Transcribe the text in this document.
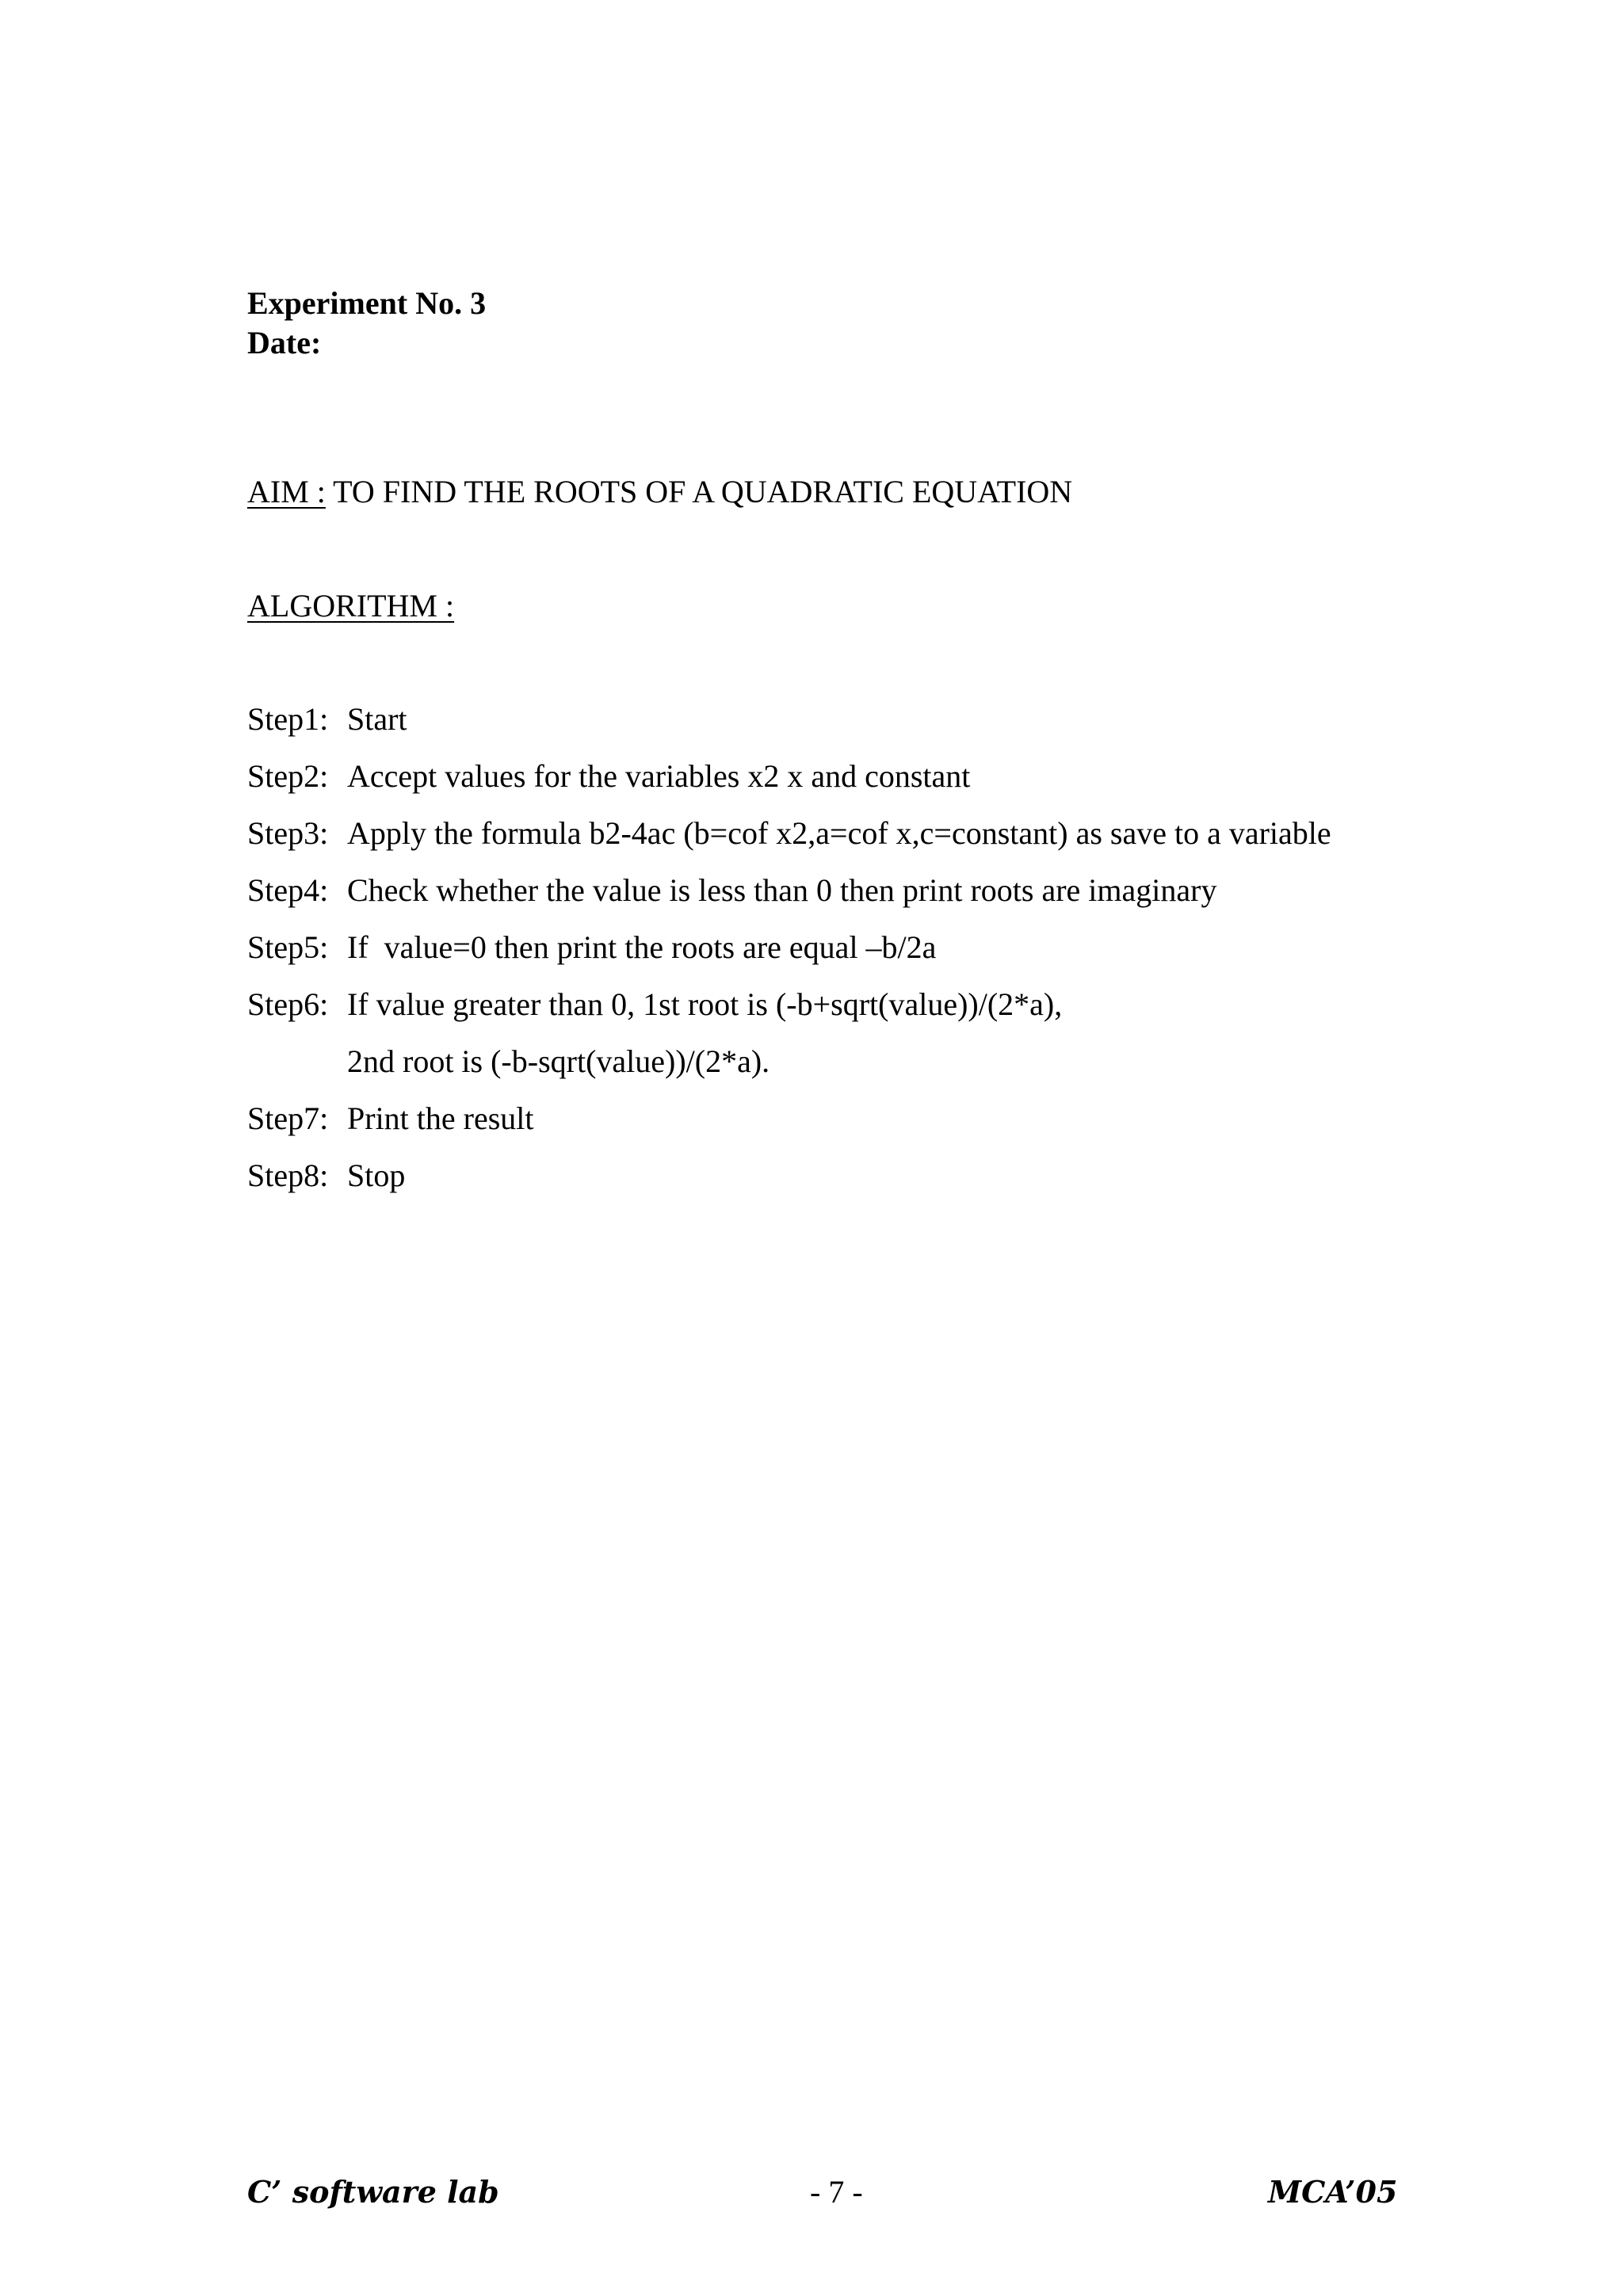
Experiment No. 3
Date:
AIM : TO FIND THE ROOTS OF A QUADRATIC EQUATION
ALGORITHM :
Step1: Start
Step2: Accept values for the variables x2 x and constant
Step3: Apply the formula b2-4ac (b=cof x2,a=cof x,c=constant) as save to a variable
Step4: Check whether the value is less than 0 then print roots are imaginary
Step5: If  value=0 then print the roots are equal –b/2a
Step6: If value greater than 0, 1st root is (-b+sqrt(value))/(2*a),
2nd root is (-b-sqrt(value))/(2*a).
Step7: Print the result
Step8: Stop
C’ software lab	- 7 -	MCA’05
